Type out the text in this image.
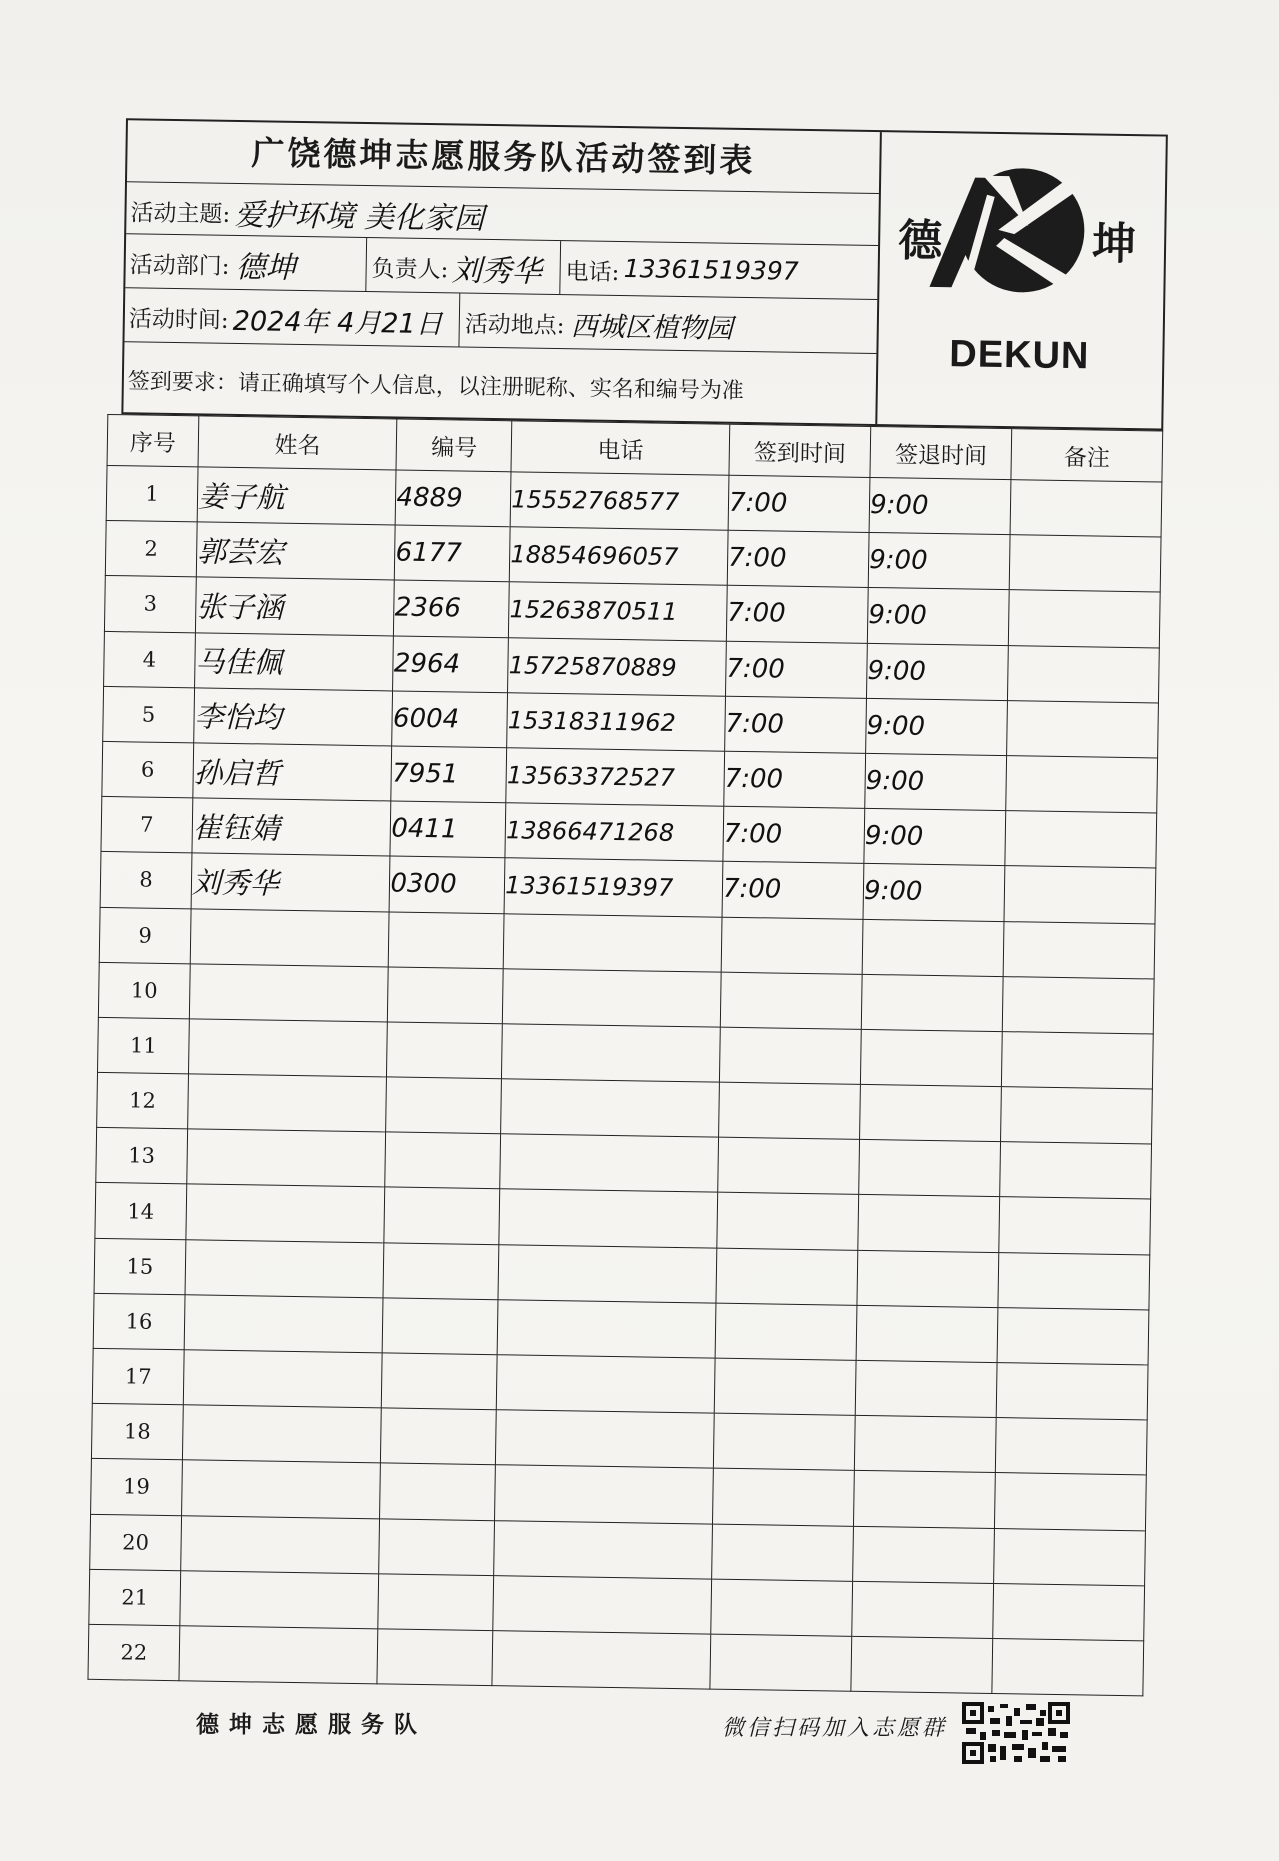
广饶德坤志愿服务队活动签到表
活动主题: 爱护环境 美化家园
活动部门: 德坤	负责人: 刘秀华 电话: 13361519397
活动时间: 2024年 4月21日 活动地点: 西城区植物园
签到要求：请正确填写个人信息，以注册昵称、实名和编号为准
德	坤
DEKUN
序号	姓名	编号	电话	签到时间	签退时间	备注
1	姜子航	4889	15552768577	7:00	9:00	
2	郭芸宏	6177	18854696057	7:00	9:00	
3	张子涵	2366	15263870511	7:00	9:00	
4	马佳佩	2964	15725870889	7:00	9:00	
5	李怡均	6004	15318311962	7:00	9:00	
6	孙启哲	7951	13563372527	7:00	9:00	
7	崔钰婧	0411	13866471268	7:00	9:00	
8	刘秀华	0300	13361519397	7:00	9:00	
9						
10						
11						
12						
13						
14						
15						
16						
17						
18						
19						
20						
21						
22						
德坤志愿服务队	微信扫码加入志愿群
